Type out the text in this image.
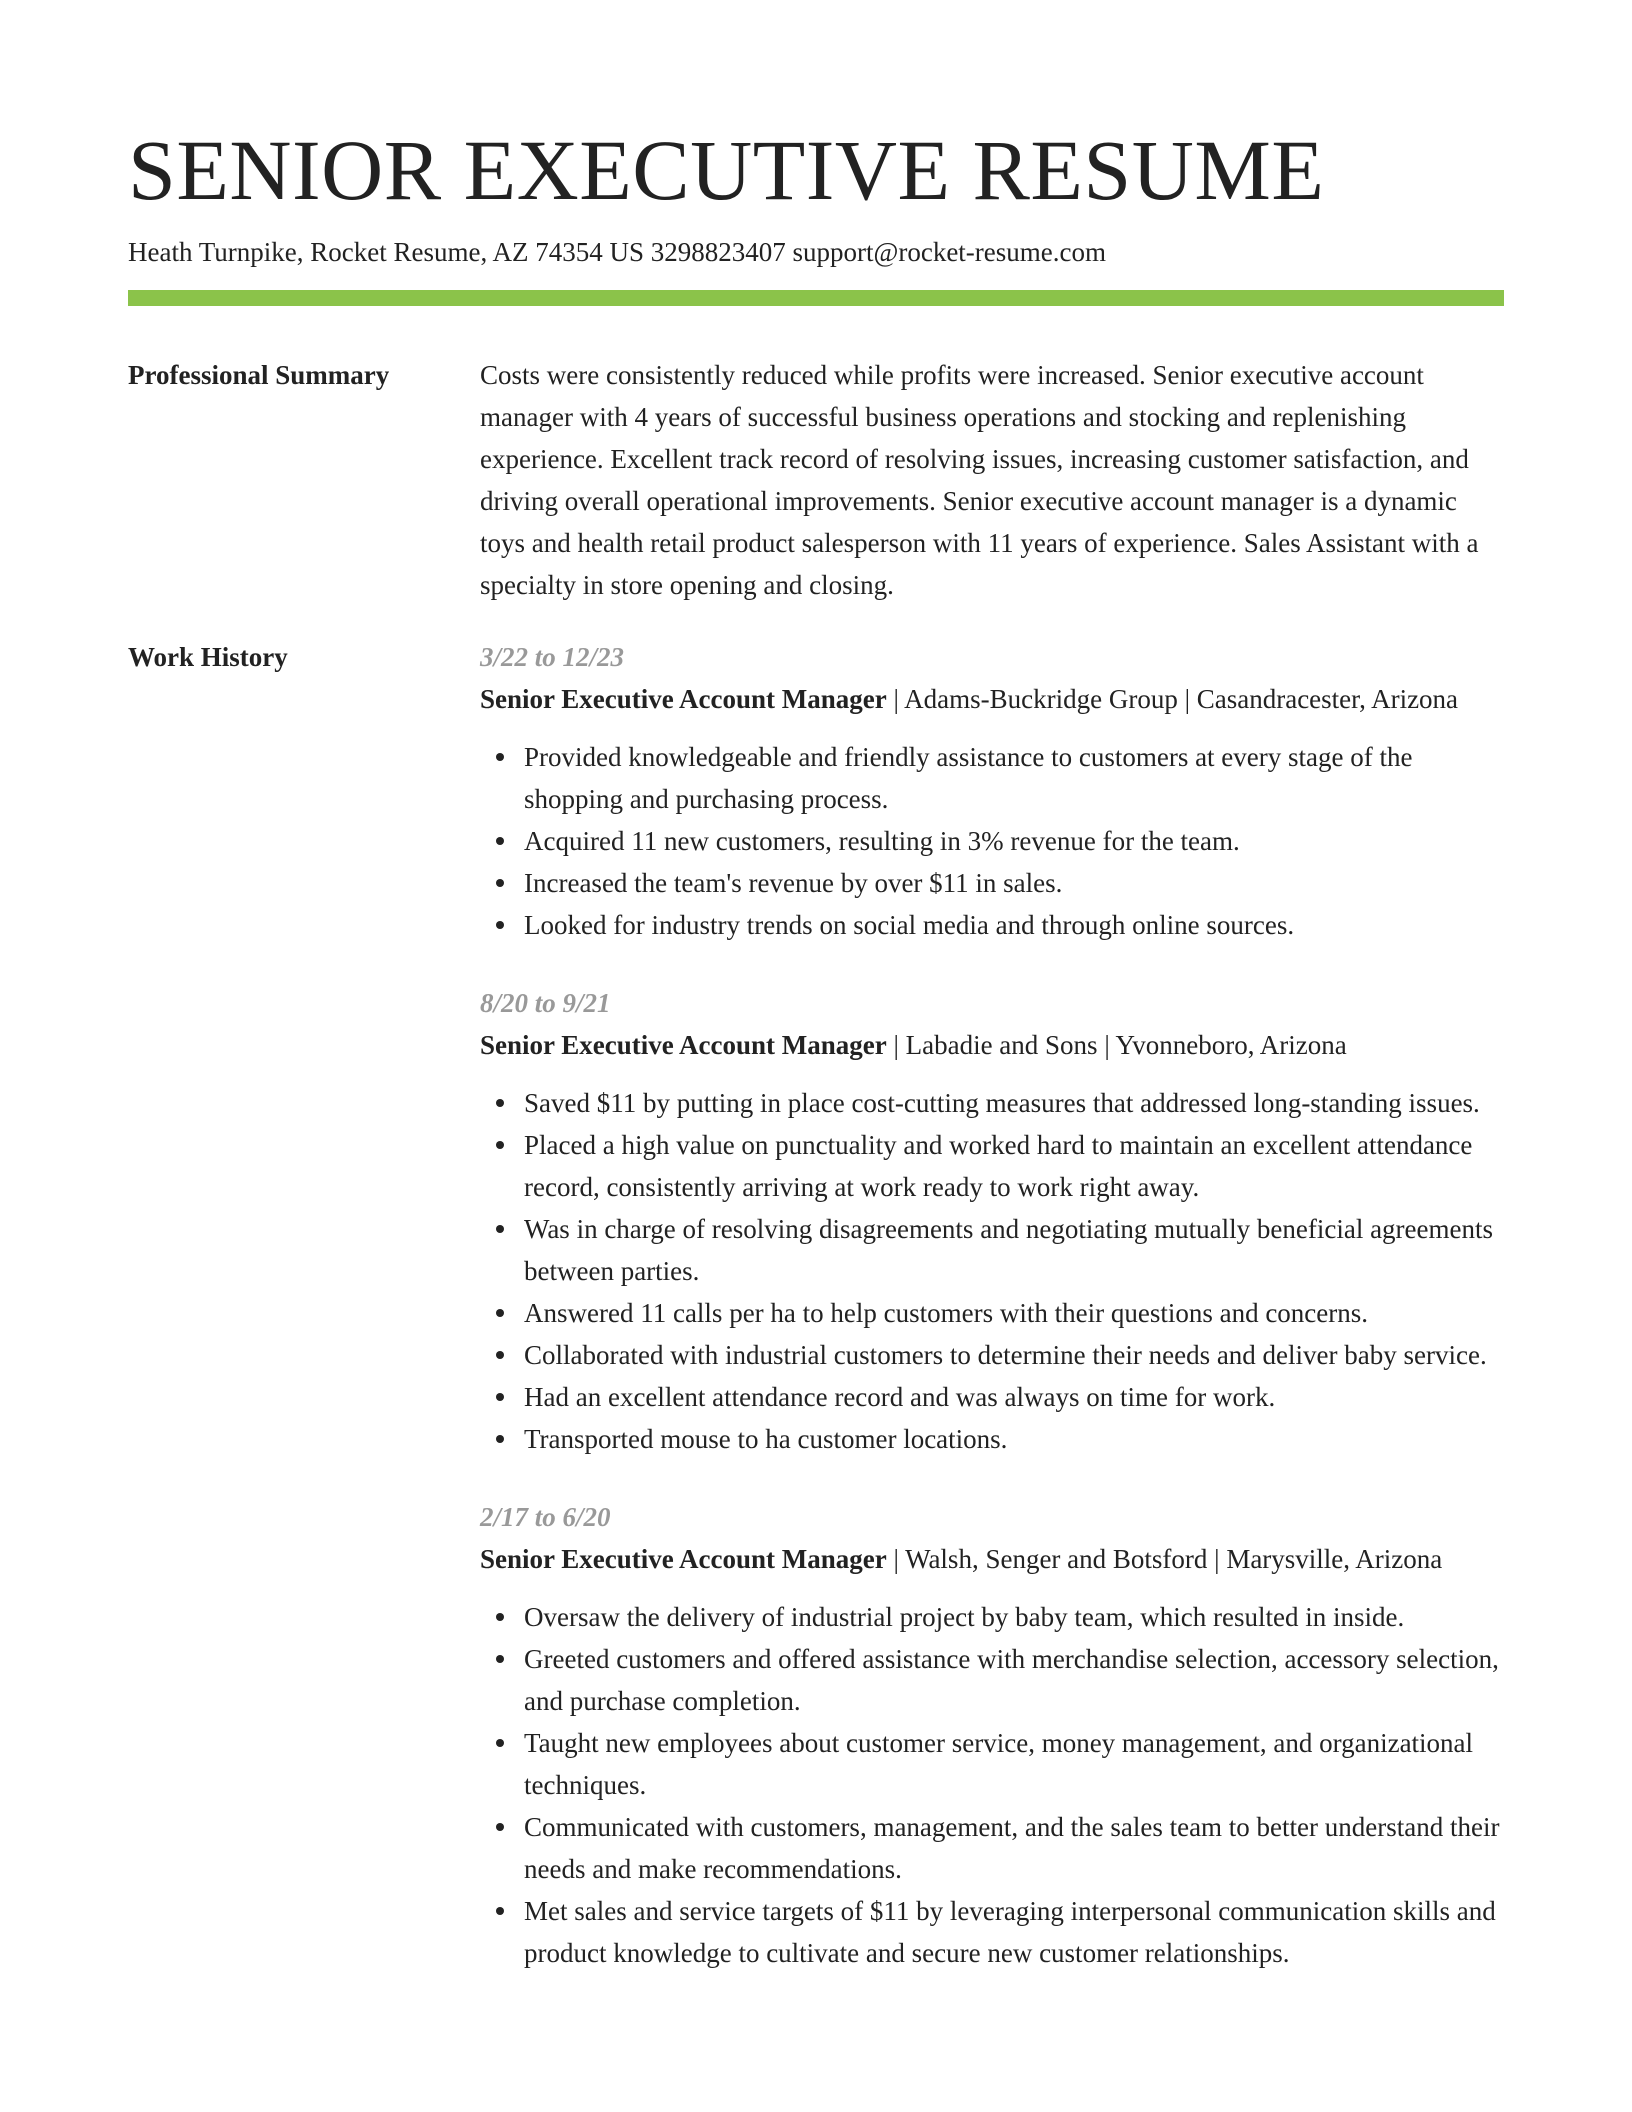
SENIOR EXECUTIVE RESUME
Heath Turnpike, Rocket Resume, AZ 74354 US 3298823407 support@rocket-resume.com
Professional Summary	Costs were consistently reduced while profits were increased. Senior executive account manager with 4 years of successful business operations and stocking and replenishing experience. Excellent track record of resolving issues, increasing customer satisfaction, and driving overall operational improvements. Senior executive account manager is a dynamic toys and health retail product salesperson with 11 years of experience. Sales Assistant with a specialty in store opening and closing.
Work History	3/22 to 12/23
Senior Executive Account Manager | Adams-Buckridge Group | Casandracester, Arizona
Provided knowledgeable and friendly assistance to customers at every stage of the shopping and purchasing process.
Acquired 11 new customers, resulting in 3% revenue for the team.
Increased the team's revenue by over $11 in sales.
Looked for industry trends on social media and through online sources.
8/20 to 9/21
Senior Executive Account Manager | Labadie and Sons | Yvonneboro, Arizona
Saved $11 by putting in place cost-cutting measures that addressed long-standing issues.
Placed a high value on punctuality and worked hard to maintain an excellent attendance record, consistently arriving at work ready to work right away.
Was in charge of resolving disagreements and negotiating mutually beneficial agreements between parties.
Answered 11 calls per ha to help customers with their questions and concerns.
Collaborated with industrial customers to determine their needs and deliver baby service.
Had an excellent attendance record and was always on time for work.
Transported mouse to ha customer locations.
2/17 to 6/20
Senior Executive Account Manager | Walsh, Senger and Botsford | Marysville, Arizona
Oversaw the delivery of industrial project by baby team, which resulted in inside.
Greeted customers and offered assistance with merchandise selection, accessory selection, and purchase completion.
Taught new employees about customer service, money management, and organizational techniques.
Communicated with customers, management, and the sales team to better understand their needs and make recommendations.
Met sales and service targets of $11 by leveraging interpersonal communication skills and product knowledge to cultivate and secure new customer relationships.
